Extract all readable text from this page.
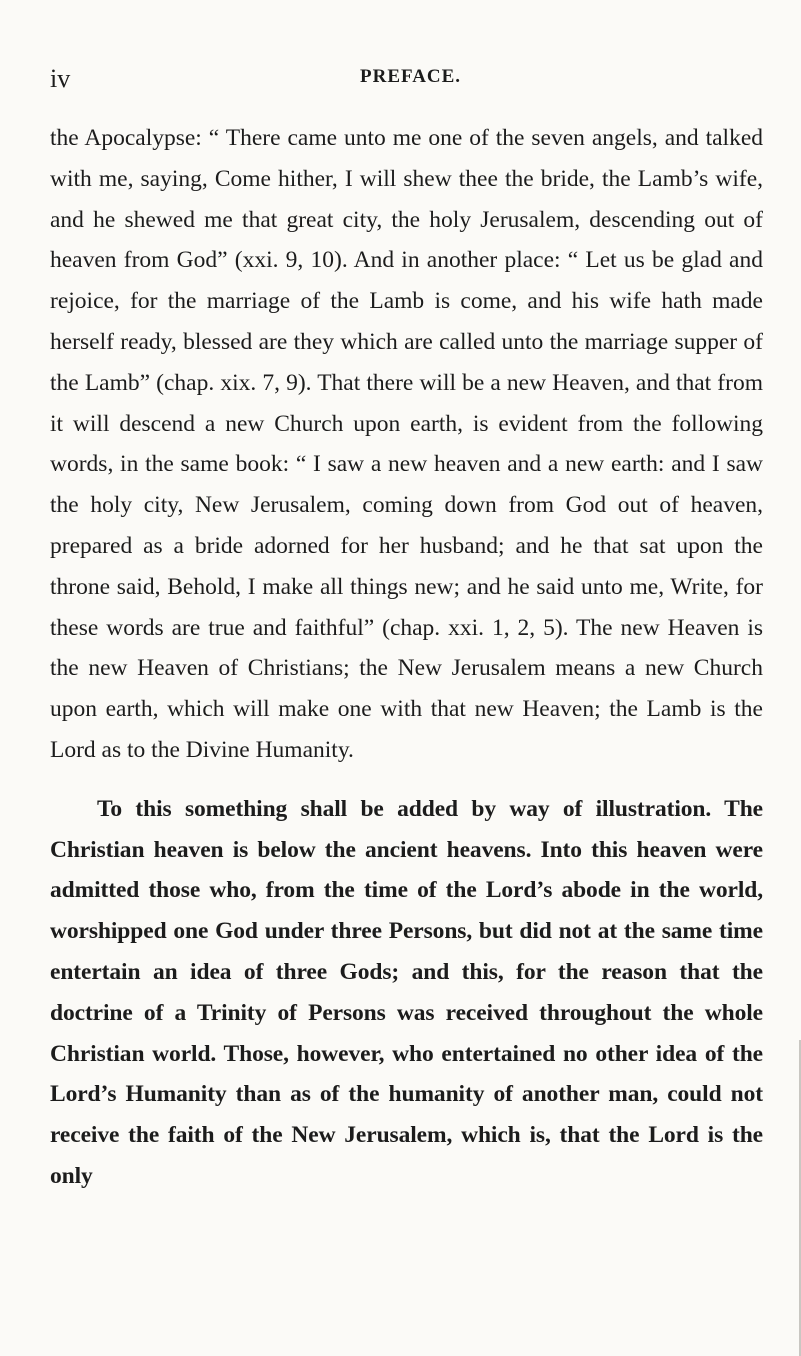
iv	PREFACE.

the Apocalypse: “ There came unto me one of the seven angels, and talked with me, saying, Come hither, I will shew thee the bride, the Lamb’s wife, and he shewed me that great city, the holy Jerusalem, descending out of heaven from God” (xxi. 9, 10). And in another place: “ Let us be glad and rejoice, for the marriage of the Lamb is come, and his wife hath made herself ready, blessed are they which are called unto the marriage supper of the Lamb” (chap. xix. 7, 9). That there will be a new Heaven, and that from it will descend a new Church upon earth, is evident from the following words, in the same book: “ I saw a new heaven and a new earth: and I saw the holy city, New Jerusalem, coming down from God out of heaven, prepared as a bride adorned for her husband; and he that sat upon the throne said, Behold, I make all things new; and he said unto me, Write, for these words are true and faithful” (chap. xxi. 1, 2, 5). The new Heaven is the new Heaven of Christians; the New Jerusalem means a new Church upon earth, which will make one with that new Heaven; the Lamb is the Lord as to the Divine Humanity.

To this something shall be added by way of illustration. The Christian heaven is below the ancient heavens. Into this heaven were admitted those who, from the time of the Lord’s abode in the world, worshipped one God under three Persons, but did not at the same time entertain an idea of three Gods; and this, for the reason that the doctrine of a Trinity of Persons was received throughout the whole Christian world. Those, however, who entertained no other idea of the Lord’s Humanity than as of the humanity of another man, could not receive the faith of the New Jerusalem, which is, that the Lord is the only
